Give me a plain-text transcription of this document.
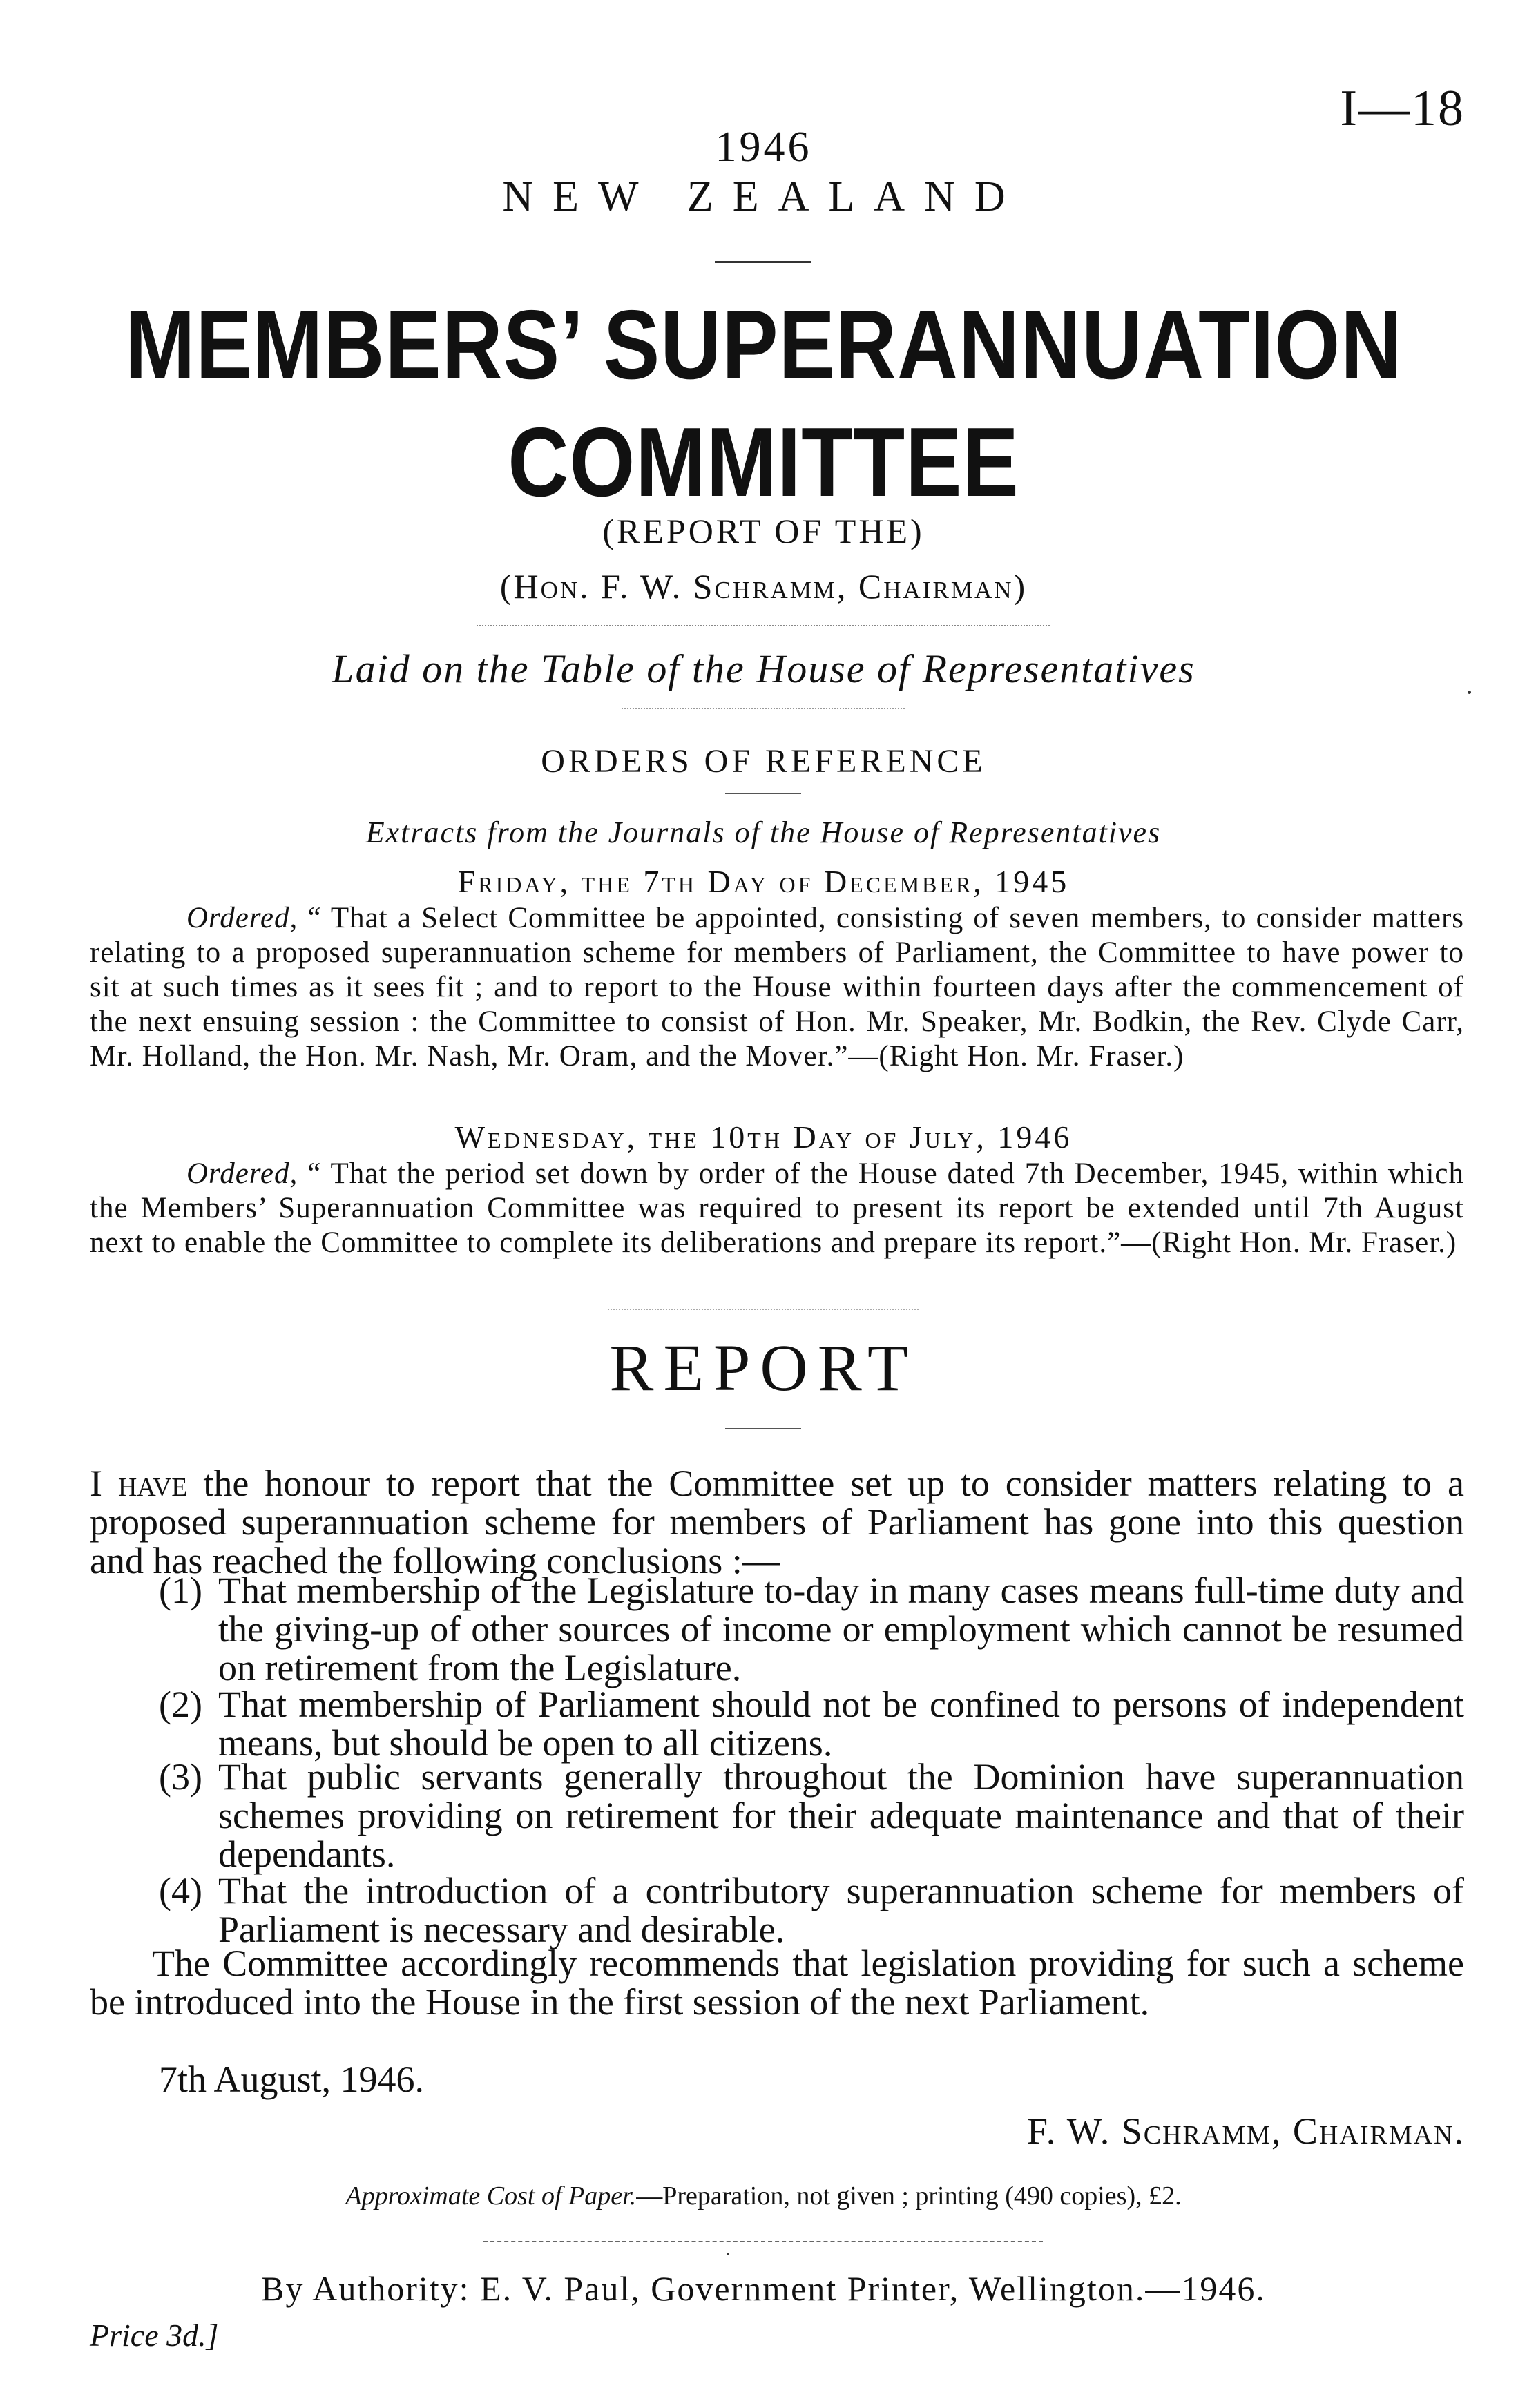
I—18
1946
NEW ZEALAND
MEMBERS’ SUPERANNUATION
COMMITTEE
(REPORT OF THE)
(Hon. F. W. Schramm, Chairman)
Laid on the Table of the House of Representatives
ORDERS OF REFERENCE
Extracts from the Journals of the House of Representatives
Friday, the 7th Day of December, 1945
Ordered, “ That a Select Committee be appointed, consisting of seven members, to consider matters relating to a proposed superannuation scheme for members of Parliament, the Committee to have power to sit at such times as it sees fit ; and to report to the House within fourteen days after the commencement of the next ensuing session : the Committee to consist of Hon. Mr. Speaker, Mr. Bodkin, the Rev. Clyde Carr, Mr. Holland, the Hon. Mr. Nash, Mr. Oram, and the Mover.”—(Right Hon. Mr. Fraser.)
Wednesday, the 10th Day of July, 1946
Ordered, “ That the period set down by order of the House dated 7th December, 1945, within which the Members’ Superannuation Committee was required to present its report be extended until 7th August next to enable the Committee to complete its deliberations and prepare its report.”—(Right Hon. Mr. Fraser.)
REPORT
I have the honour to report that the Committee set up to consider matters relating to a proposed superannuation scheme for members of Parliament has gone into this question and has reached the following conclusions :—
(1) That membership of the Legislature to-day in many cases means full-time duty and the giving-up of other sources of income or employment which cannot be resumed on retirement from the Legislature.
(2) That membership of Parliament should not be confined to persons of independent means, but should be open to all citizens.
(3) That public servants generally throughout the Dominion have superannuation schemes providing on retirement for their adequate maintenance and that of their dependants.
(4) That the introduction of a contributory superannuation scheme for members of Parliament is necessary and desirable.
The Committee accordingly recommends that legislation providing for such a scheme be introduced into the House in the first session of the next Parliament.
7th August, 1946.
F. W. Schramm, Chairman.
Approximate Cost of Paper.—Preparation, not given ; printing (490 copies), £2.
By Authority: E. V. Paul, Government Printer, Wellington.—1946.
Price 3d.]
